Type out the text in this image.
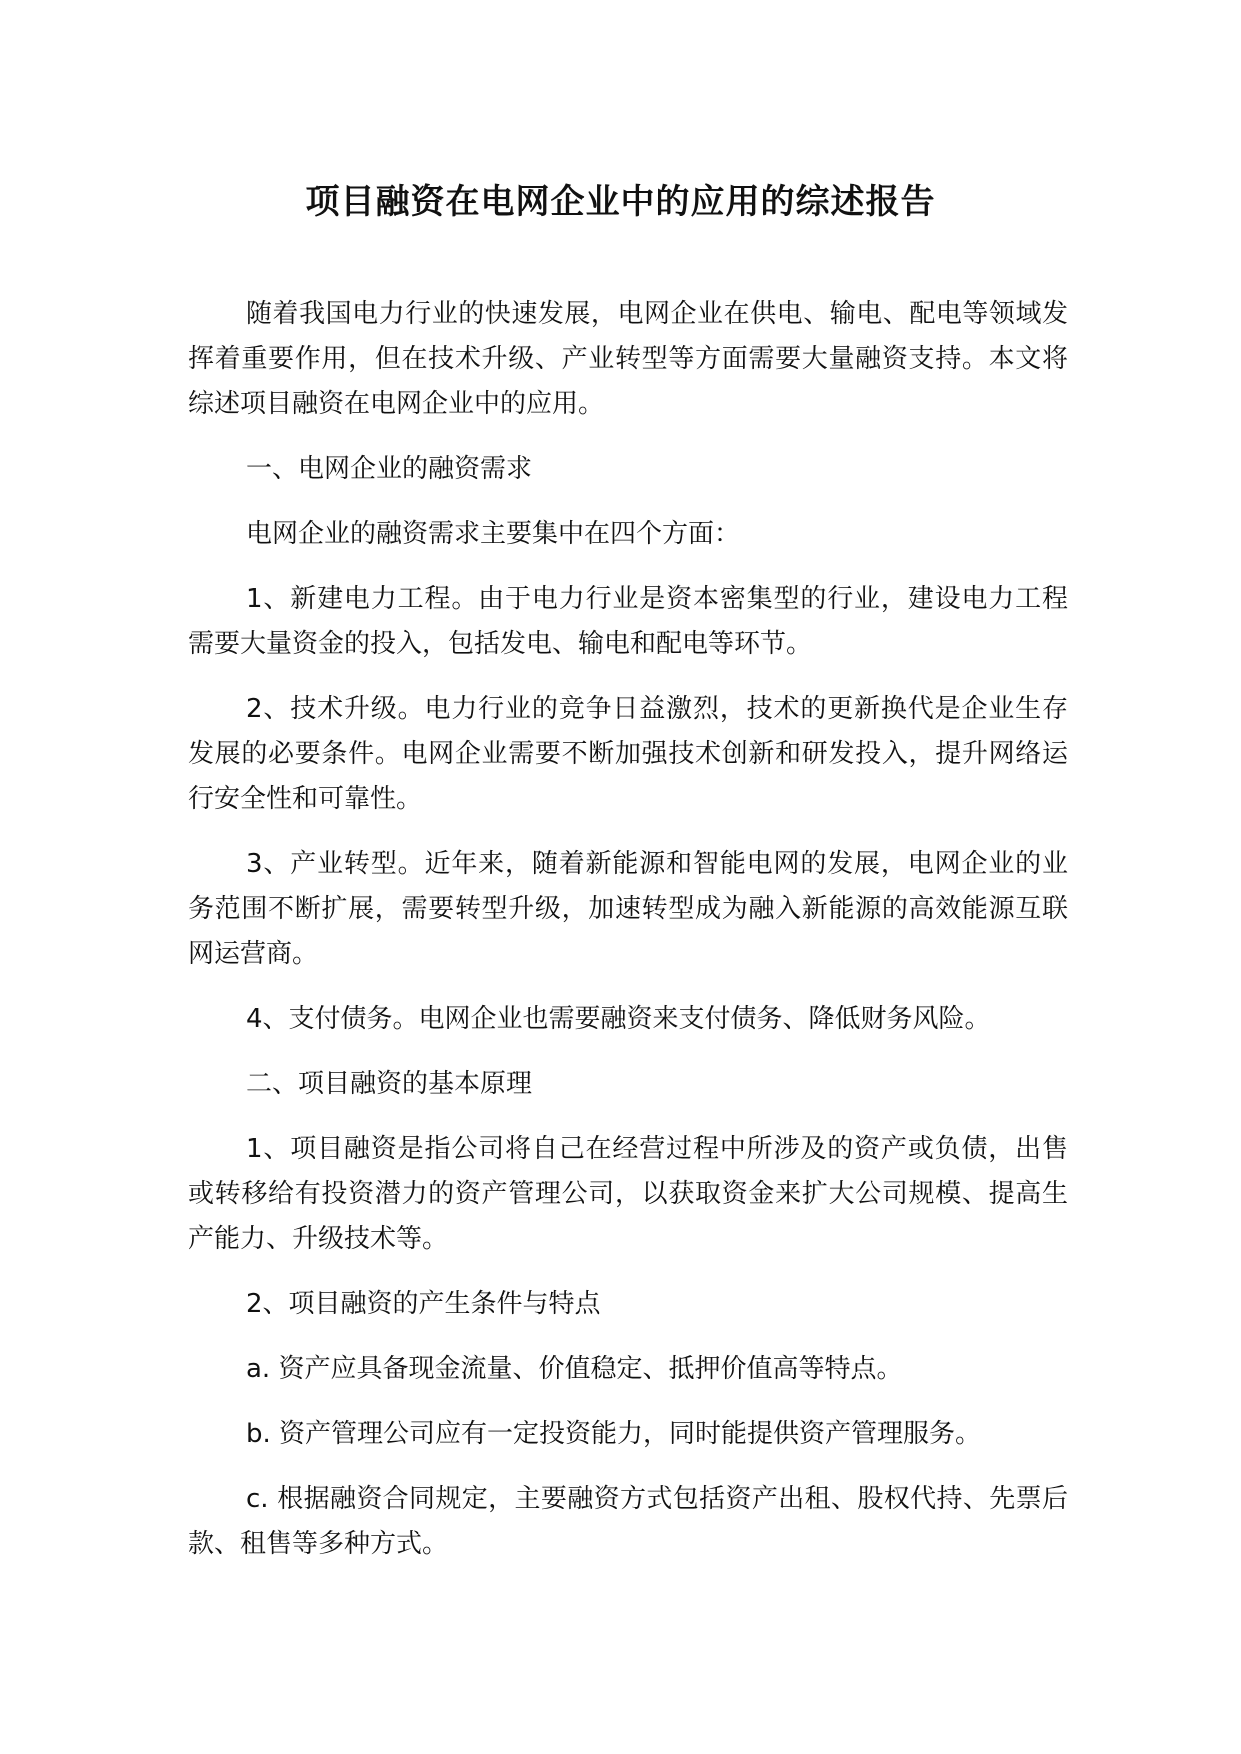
项目融资在电网企业中的应用的综述报告

随着我国电力行业的快速发展，电网企业在供电、输电、配电等领域发挥着重要作用，但在技术升级、产业转型等方面需要大量融资支持。本文将综述项目融资在电网企业中的应用。

一、电网企业的融资需求

电网企业的融资需求主要集中在四个方面：

1、新建电力工程。由于电力行业是资本密集型的行业，建设电力工程需要大量资金的投入，包括发电、输电和配电等环节。

2、技术升级。电力行业的竞争日益激烈，技术的更新换代是企业生存发展的必要条件。电网企业需要不断加强技术创新和研发投入，提升网络运行安全性和可靠性。

3、产业转型。近年来，随着新能源和智能电网的发展，电网企业的业务范围不断扩展，需要转型升级，加速转型成为融入新能源的高效能源互联网运营商。

4、支付债务。电网企业也需要融资来支付债务、降低财务风险。

二、项目融资的基本原理

1、项目融资是指公司将自己在经营过程中所涉及的资产或负债，出售或转移给有投资潜力的资产管理公司，以获取资金来扩大公司规模、提高生产能力、升级技术等。

2、项目融资的产生条件与特点

a. 资产应具备现金流量、价值稳定、抵押价值高等特点。

b. 资产管理公司应有一定投资能力，同时能提供资产管理服务。

c. 根据融资合同规定，主要融资方式包括资产出租、股权代持、先票后款、租售等多种方式。
